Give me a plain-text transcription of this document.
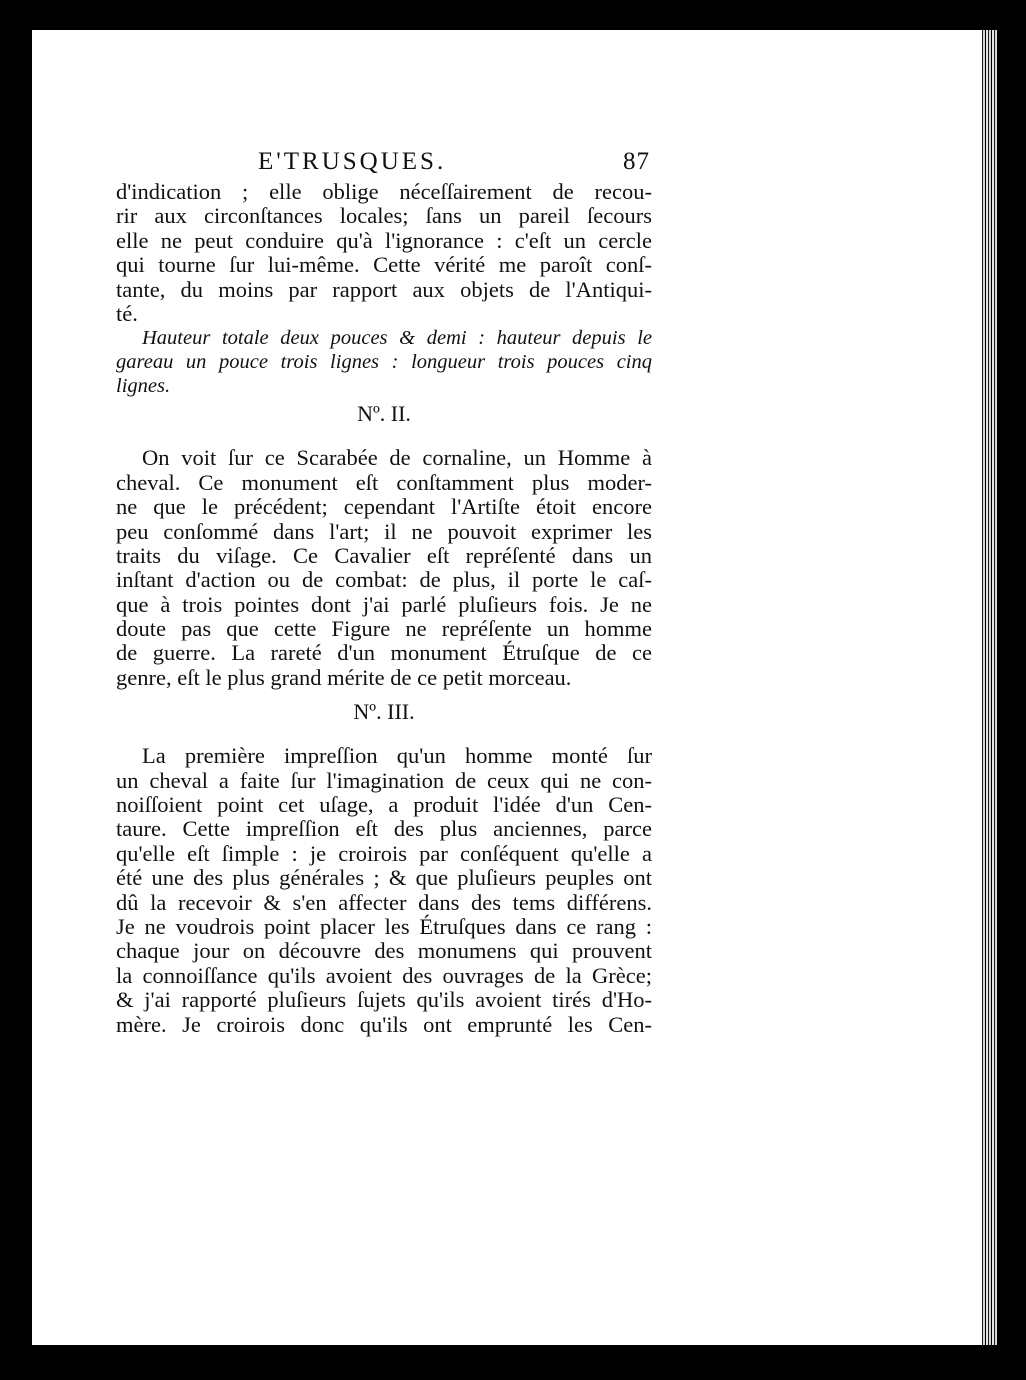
E'TRUSQUES.	87
d'indication ; elle oblige néceſſairement de recou-
rir aux circonſtances locales; ſans un pareil ſecours
elle ne peut conduire qu'à l'ignorance : c'eſt un cercle
qui tourne ſur lui-même. Cette vérité me paroît conſ-
tante, du moins par rapport aux objets de l'Antiqui-
té.
Hauteur totale deux pouces & demi : hauteur depuis le
gareau un pouce trois lignes : longueur trois pouces cinq
lignes.
Nº. II.
On voit ſur ce Scarabée de cornaline, un Homme à
cheval. Ce monument eſt conſtamment plus moder-
ne que le précédent; cependant l'Artiſte étoit encore
peu conſommé dans l'art; il ne pouvoit exprimer les
traits du viſage. Ce Cavalier eſt repréſenté dans un
inſtant d'action ou de combat: de plus, il porte le caſ-
que à trois pointes dont j'ai parlé pluſieurs fois. Je ne
doute pas que cette Figure ne repréſente un homme
de guerre. La rareté d'un monument Étruſque de ce
genre, eſt le plus grand mérite de ce petit morceau.
Nº. III.
La première impreſſion qu'un homme monté ſur
un cheval a faite ſur l'imagination de ceux qui ne con-
noiſſoient point cet uſage, a produit l'idée d'un Cen-
taure. Cette impreſſion eſt des plus anciennes, parce
qu'elle eſt ſimple : je croirois par conſéquent qu'elle a
été une des plus générales ; & que pluſieurs peuples ont
dû la recevoir & s'en affecter dans des tems différens.
Je ne voudrois point placer les Étruſques dans ce rang :
chaque jour on découvre des monumens qui prouvent
la connoiſſance qu'ils avoient des ouvrages de la Grèce;
& j'ai rapporté pluſieurs ſujets qu'ils avoient tirés d'Ho-
mère. Je croirois donc qu'ils ont emprunté les Cen-
